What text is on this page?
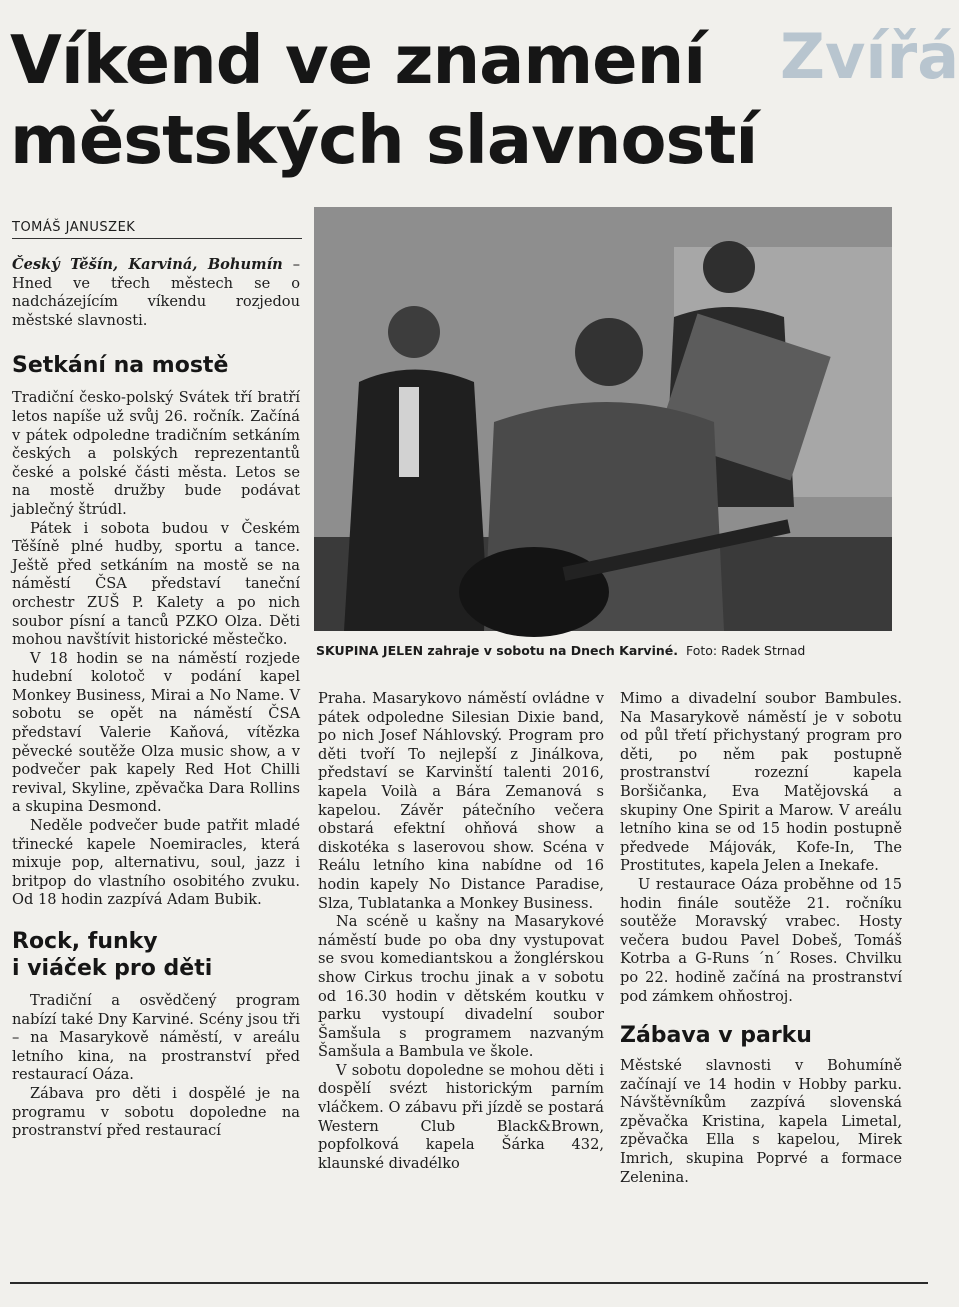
Zvířá
Víkend ve znamení
městských slavností
TOMÁŠ JANUSZEK

Český Těšín, Karviná, Bohumín – Hned ve třech městech se o nadcházejícím víkendu rozjedou městské slavnosti.

Setkání na mostě

Tradiční česko-polský Svátek tří bratří letos napíše už svůj 26. ročník. Začíná v pátek odpoledne tradičním setkáním českých a polských reprezentantů české a polské části města. Letos se na mostě družby bude podávat jablečný štrúdl.

Pátek i sobota budou v Českém Těšíně plné hudby, sportu a tance. Ještě před setkáním na mostě se na náměstí ČSA představí taneční orchestr ZUŠ P. Kalety a po nich soubor písní a tanců PZKO Olza. Děti mohou navštívit historické městečko.

V 18 hodin se na náměstí rozjede hudební kolotoč v podání kapel Monkey Business, Mirai a No Name. V sobotu se opět na náměstí ČSA představí Valerie Kaňová, vítězka pěvecké soutěže Olza music show, a v podvečer pak kapely Red Hot Chilli revival, Skyline, zpěvačka Dara Rollins a skupina Desmond.

Neděle podvečer bude patřit mladé třinecké kapele Noemiracles, která mixuje pop, alternativu, soul, jazz i britpop do vlastního osobitého zvuku. Od 18 hodin zazpívá Adam Bubik.

Rock, funky
i viáček pro děti

Tradiční a osvědčený program nabízí také Dny Karviné. Scény jsou tři – na Masarykově náměstí, v areálu letního kina, na prostranství před restaurací Oáza.

Zábava pro děti i dospělé je na programu v sobotu dopoledne na prostranství před restaurací

SKUPINA JELEN zahraje v sobotu na Dnech Karviné. Foto: Radek Strnad

Praha. Masarykovo náměstí ovládne v pátek odpoledne Silesian Dixie band, po nich Josef Náhlovský. Program pro děti tvoří To nejlepší z Jinálkova, představí se Karvinští talenti 2016, kapela Voilà a Bára Zemanová s kapelou. Závěr pátečního večera obstará efektní ohňová show a diskotéka s laserovou show. Scéna v Reálu letního kina nabídne od 16 hodin kapely No Distance Paradise, Slza, Tublatanka a Monkey Business.

Na scéně u kašny na Masarykové náměstí bude po oba dny vystupovat se svou komediantskou a žonglérskou show Cirkus trochu jinak a v sobotu od 16.30 hodin v dětském koutku v parku vystoupí divadelní soubor Šamšula s programem nazvaným Šamšula a Bambula ve škole.

V sobotu dopoledne se mohou děti i dospělí svézt historickým parním vláčkem. O zábavu při jízdě se postará Western Club Black&Brown, popfolková kapela Šárka 432, klaunské divadélko

Mimo a divadelní soubor Bambules. Na Masarykově náměstí je v sobotu od půl třetí přichystaný program pro děti, po něm pak postupně prostranství rozezní kapela Boršičanka, Eva Matějovská a skupiny One Spirit a Marow. V areálu letního kina se od 15 hodin postupně předvede Májovák, Kofe-In, The Prostitutes, kapela Jelen a Inekafe.

U restaurace Oáza proběhne od 15 hodin finále soutěže 21. ročníku soutěže Moravský vrabec. Hosty večera budou Pavel Dobeš, Tomáš Kotrba a G-Runs ´n´ Roses. Chvilku po 22. hodině začíná na prostranství pod zámkem ohňostroj.

Zábava v parku

Městské slavnosti v Bohumíně začínají ve 14 hodin v Hobby parku. Návštěvníkům zazpívá slovenská zpěvačka Kristina, kapela Limetal, zpěvačka Ella s kapelou, Mirek Imrich, skupina Poprvé a formace Zelenina.
